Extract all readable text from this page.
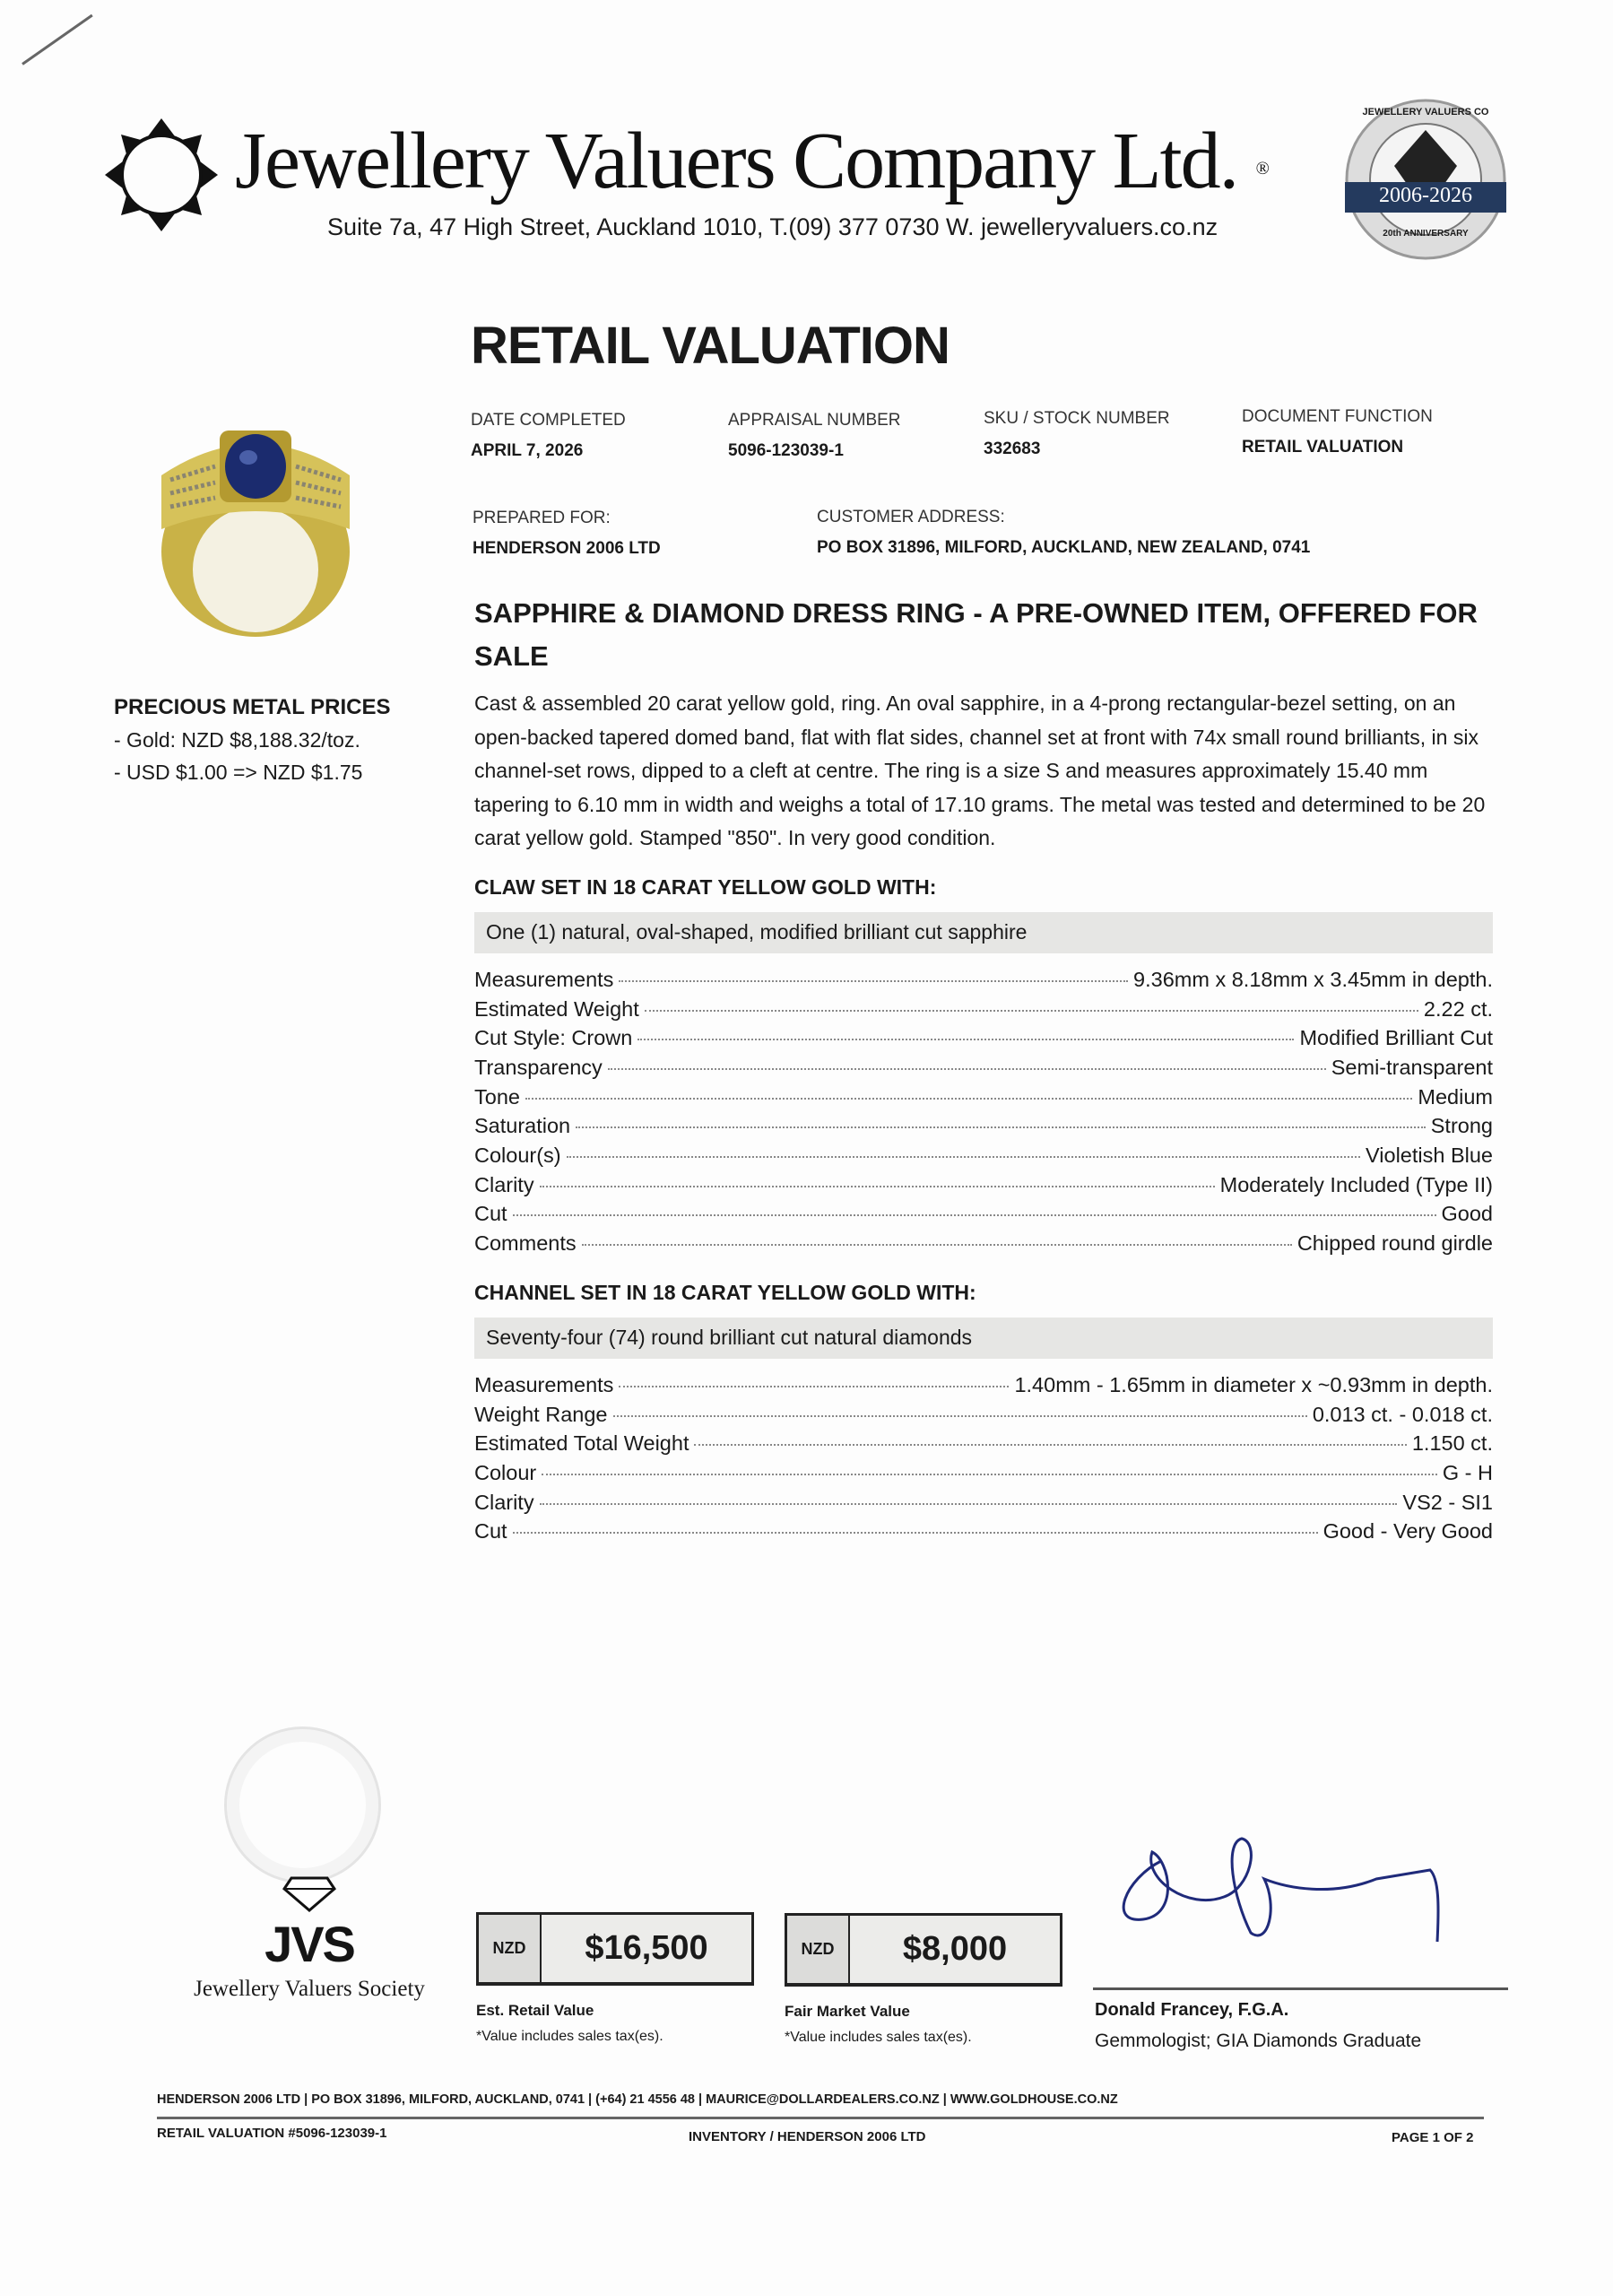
Jewellery Valuers Company Ltd. ®
Suite 7a, 47 High Street, Auckland 1010, T.(09) 377 0730 W. jewelleryvaluers.co.nz
2006-2026
JEWELLERY VALUERS CO
20th ANNIVERSARY
RETAIL VALUATION
DATE COMPLETED
APRIL 7, 2026
APPRAISAL NUMBER
5096-123039-1
SKU / STOCK NUMBER
332683
DOCUMENT FUNCTION
RETAIL VALUATION
PREPARED FOR:
HENDERSON 2006 LTD
CUSTOMER ADDRESS:
PO BOX 31896, MILFORD, AUCKLAND, NEW ZEALAND, 0741
PRECIOUS METAL PRICES
- Gold: NZD $8,188.32/toz.
- USD $1.00 => NZD $1.75
SAPPHIRE & DIAMOND DRESS RING - A PRE-OWNED ITEM, OFFERED FOR SALE
Cast & assembled 20 carat yellow gold, ring. An oval sapphire, in a 4-prong rectangular-bezel setting, on an open-backed tapered domed band, flat with flat sides, channel set at front with 74x small round brilliants, in six channel-set rows, dipped to a cleft at centre. The ring is a size S and measures approximately 15.40 mm tapering to 6.10 mm in width and weighs a total of 17.10 grams. The metal was tested and determined to be 20 carat yellow gold. Stamped "850". In very good condition.
CLAW SET IN 18 CARAT YELLOW GOLD WITH:
One (1) natural, oval-shaped, modified brilliant cut sapphire
Measurements	9.36mm x 8.18mm x 3.45mm in depth.
Estimated Weight	2.22 ct.
Cut Style: Crown	Modified Brilliant Cut
Transparency	Semi-transparent
Tone	Medium
Saturation	Strong
Colour(s)	Violetish Blue
Clarity	Moderately Included (Type II)
Cut	Good
Comments	Chipped round girdle
CHANNEL SET IN 18 CARAT YELLOW GOLD WITH:
Seventy-four (74) round brilliant cut natural diamonds
Measurements	1.40mm - 1.65mm in diameter x ~0.93mm in depth.
Weight Range	0.013 ct. - 0.018 ct.
Estimated Total Weight	1.150 ct.
Colour	G - H
Clarity	VS2 - SI1
Cut	Good - Very Good
JVS
Jewellery Valuers Society
NZD	$16,500
Est. Retail Value
*Value includes sales tax(es).
NZD	$8,000
Fair Market Value
*Value includes sales tax(es).
Donald Francey, F.G.A.
Gemmologist; GIA Diamonds Graduate
HENDERSON 2006 LTD | PO BOX 31896, MILFORD, AUCKLAND, 0741 | (+64) 21 4556 48 | MAURICE@DOLLARDEALERS.CO.NZ | WWW.GOLDHOUSE.CO.NZ
RETAIL VALUATION #5096-123039-1	INVENTORY / HENDERSON 2006 LTD	PAGE 1 OF 2
